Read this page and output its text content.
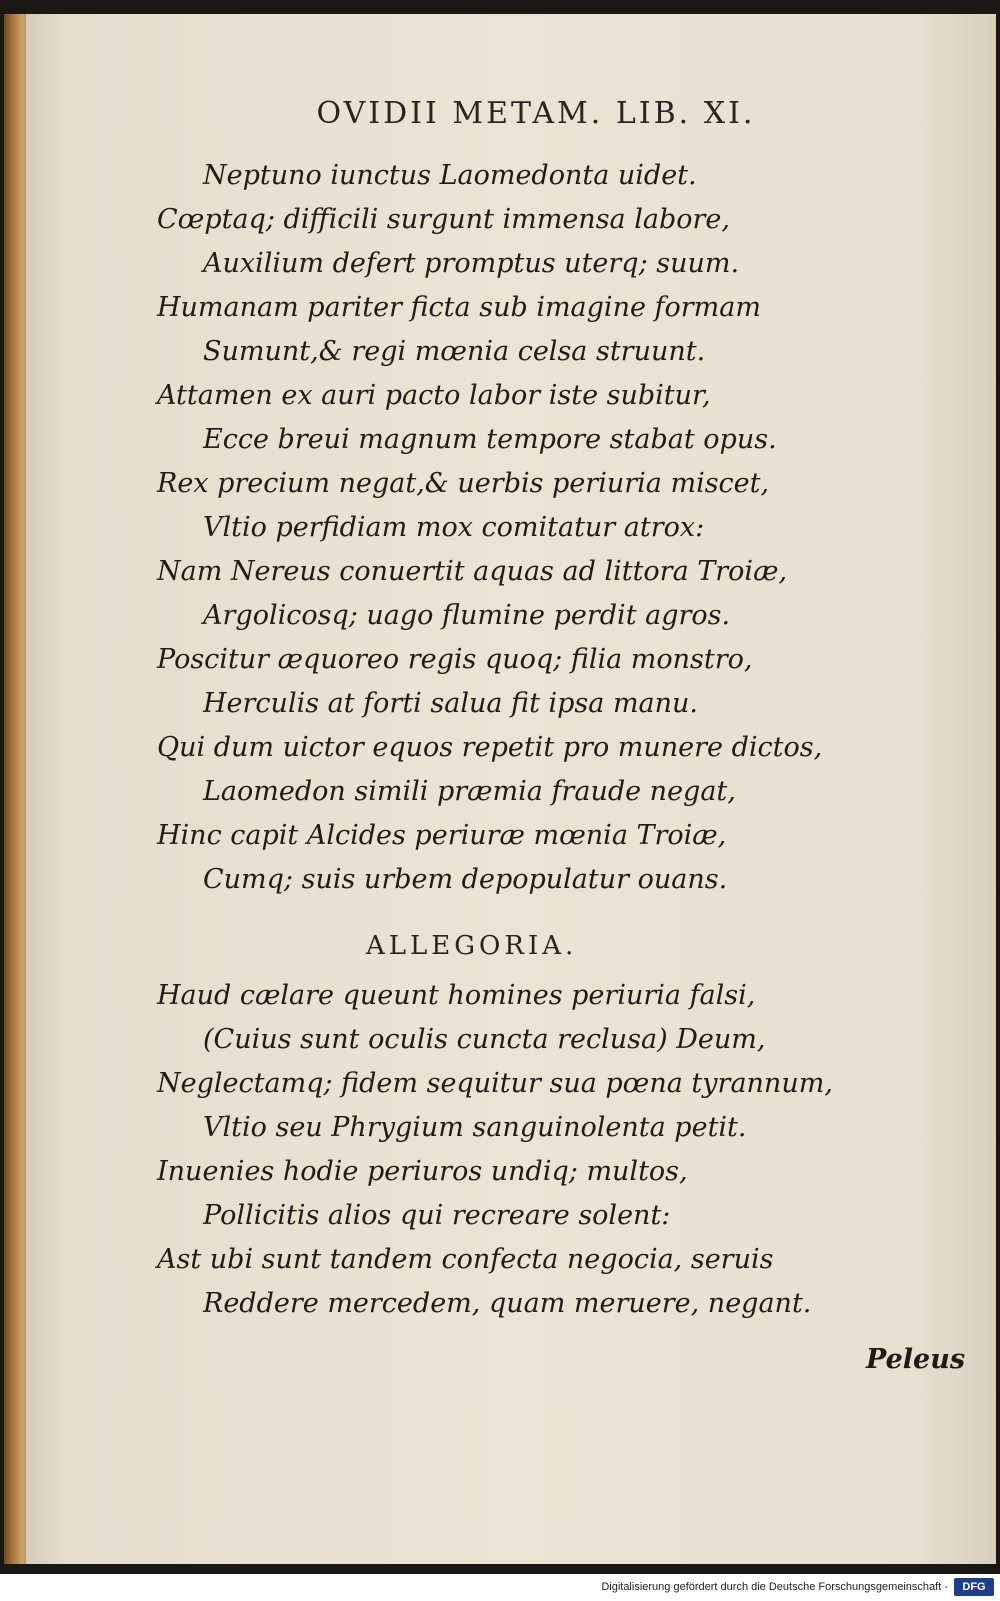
OVIDII METAM. LIB. XI.
Neptuno iunctus Laomedonta uidet.
Cœptaq; difficili surgunt immensa labore,
Auxilium defert promptus uterq; suum.
Humanam pariter ficta sub imagine formam
Sumunt,& regi mœnia celsa struunt.
Attamen ex auri pacto labor iste subitur,
Ecce breui magnum tempore stabat opus.
Rex precium negat,& uerbis periuria miscet,
Vltio perfidiam mox comitatur atrox:
Nam Nereus conuertit aquas ad littora Troiæ,
Argolicosq; uago flumine perdit agros.
Poscitur æquoreo regis quoq; filia monstro,
Herculis at forti salua fit ipsa manu.
Qui dum uictor equos repetit pro munere dictos,
Laomedon simili præmia fraude negat,
Hinc capit Alcides periuræ mœnia Troiæ,
Cumq; suis urbem depopulatur ouans.
ALLEGORIA.
Haud cælare queunt homines periuria falsi,
(Cuius sunt oculis cuncta reclusa) Deum,
Neglectamq; fidem sequitur sua pœna tyrannum,
Vltio seu Phrygium sanguinolenta petit.
Inuenies hodie periuros undiq; multos,
Pollicitis alios qui recreare solent:
Ast ubi sunt tandem confecta negocia, seruis
Reddere mercedem, quam meruere, negant.
Peleus
Digitalisierung gefördert durch die Deutsche Forschungsgemeinschaft -	DFG
